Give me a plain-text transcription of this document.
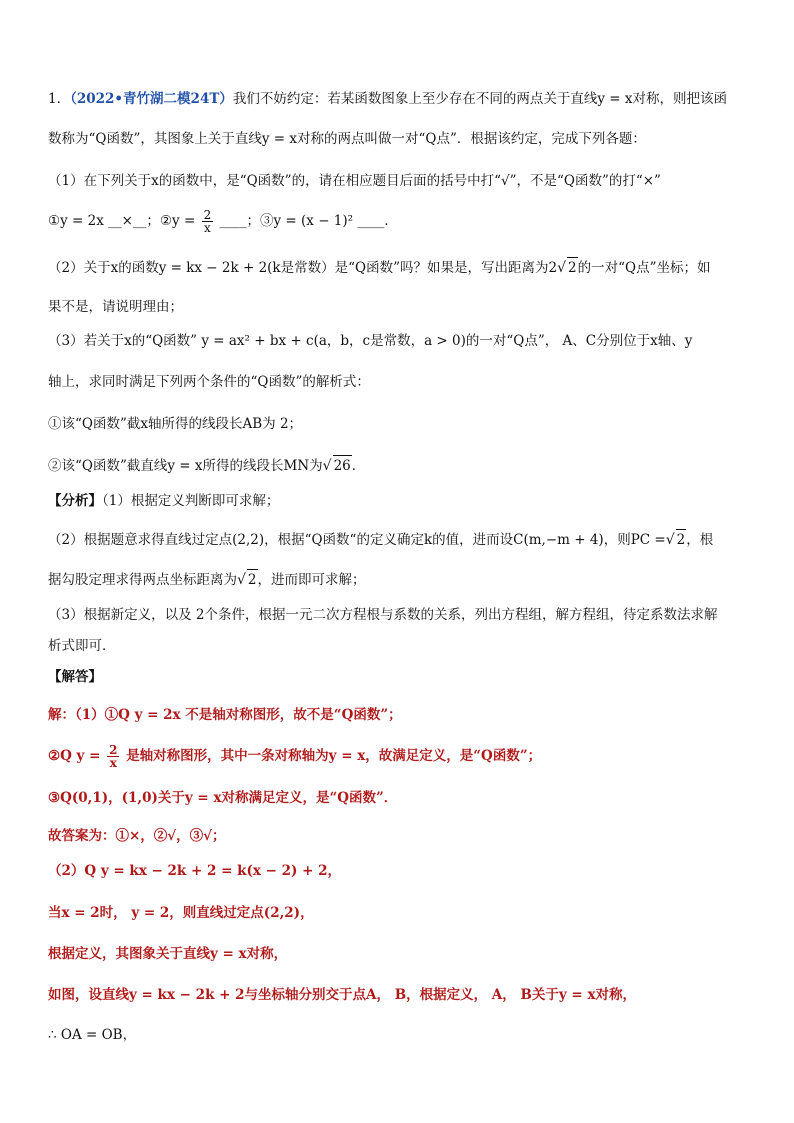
1．（2022•青竹湖二模24T）我们不妨约定：若某函数图象上至少存在不同的两点关于直线y = x对称，则把该函
数称为“Q函数”，其图象上关于直线y = x对称的两点叫做一对“Q点”．根据该约定，完成下列各题：
（1）在下列关于x的函数中，是“Q函数”的，请在相应题目后面的括号中打“√”，不是“Q函数”的打“×”
①y = 2x __×__；②y = $\frac{2}{x}$ ____；③y = (x − 1)² ____．
（2）关于x的函数y = kx − 2k + 2(k是常数）是“Q函数”吗？如果是，写出距离为2√ 2的一对“Q点”坐标；如
果不是，请说明理由；
（3）若关于x的“Q函数” y = ax² + bx + c(a，b，c是常数，a > 0)的一对“Q点”， A、C分别位于x轴、y
轴上，求同时满足下列两个条件的“Q函数”的解析式：
①该“Q函数”截x轴所得的线段长AB为 2；
②该“Q函数”截直线y = x所得的线段长MN为√ 26．
【分析】（1）根据定义判断即可求解；
（2）根据题意求得直线过定点(2,2)，根据“Q函数“的定义确定k的值，进而设C(m,−m + 4)，则PC =√ 2，根
据勾股定理求得两点坐标距离为√ 2，进而即可求解；
（3）根据新定义，以及 2个条件，根据一元二次方程根与系数的关系，列出方程组，解方程组，待定系数法求解
析式即可．
【解答】
解：（1）①Q y = 2x 不是轴对称图形，故不是“Q函数”；
②Q $y = \frac{2}{x}$ 是轴对称图形，其中一条对称轴为y = x，故满足定义，是“Q函数”；
③Q(0,1)，(1,0)关于y = x对称满足定义，是“Q函数”．
故答案为：①×，②√，③√；
（2）Q y = kx − 2k + 2 = k(x − 2) + 2，
当x = 2时， y = 2，则直线过定点(2,2)，
根据定义，其图象关于直线y = x对称，
如图，设直线y = kx − 2k + 2与坐标轴分别交于点A， B，根据定义， A， B关于y = x对称，
∴ OA = OB，
